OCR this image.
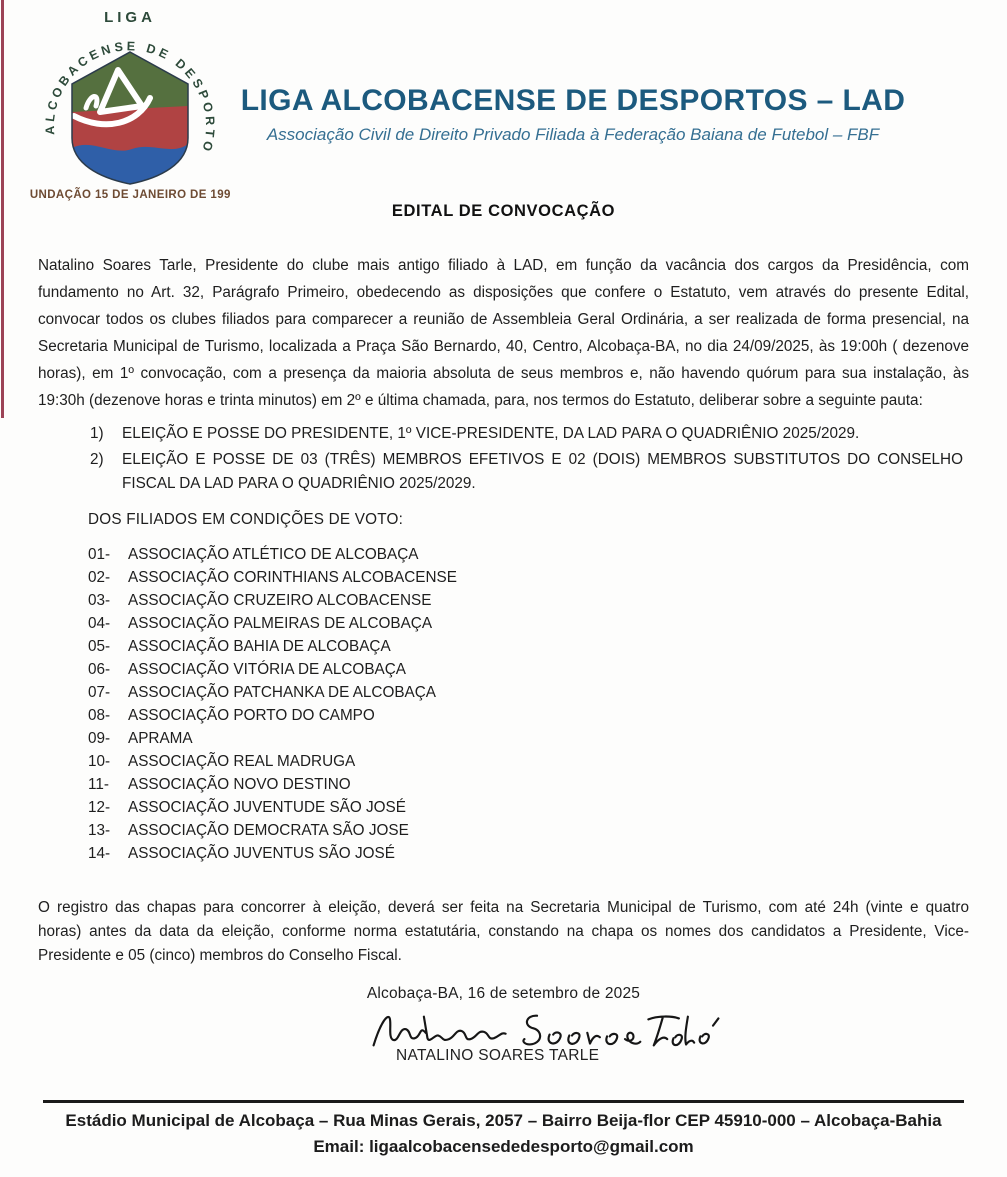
LIGA
ALCOBACENSE DE DESPORTO
FUNDAÇÃO 15 DE JANEIRO DE 1997
LIGA ALCOBACENSE DE DESPORTOS – LAD
Associação Civil de Direito Privado Filiada à Federação Baiana de Futebol – FBF
EDITAL DE CONVOCAÇÃO
Natalino Soares Tarle, Presidente do clube mais antigo filiado à LAD, em função da vacância dos cargos da Presidência, com
fundamento no Art. 32, Parágrafo Primeiro, obedecendo as disposições que confere o Estatuto, vem através do presente Edital,
convocar todos os clubes filiados para comparecer a reunião de Assembleia Geral Ordinária, a ser realizada de forma presencial, na
Secretaria Municipal de Turismo, localizada a Praça São Bernardo, 40, Centro, Alcobaça-BA, no dia 24/09/2025, às 19:00h ( dezenove
horas), em 1º convocação, com a presença da maioria absoluta de seus membros e, não havendo quórum para sua instalação, às
19:30h (dezenove horas e trinta minutos) em 2º e última chamada, para, nos termos do Estatuto, deliberar sobre a seguinte pauta:
1)	ELEIÇÃO E POSSE DO PRESIDENTE, 1º VICE-PRESIDENTE, DA LAD PARA O QUADRIÊNIO 2025/2029.
2)	ELEIÇÃO E POSSE DE 03 (TRÊS) MEMBROS EFETIVOS E 02 (DOIS) MEMBROS SUBSTITUTOS DO CONSELHO FISCAL DA LAD PARA O QUADRIÊNIO 2025/2029.
DOS FILIADOS EM CONDIÇÕES DE VOTO:
01-	ASSOCIAÇÃO ATLÉTICO DE ALCOBAÇA
02-	ASSOCIAÇÃO CORINTHIANS ALCOBACENSE
03-	ASSOCIAÇÃO CRUZEIRO ALCOBACENSE
04-	ASSOCIAÇÃO PALMEIRAS DE ALCOBAÇA
05-	ASSOCIAÇÃO BAHIA DE ALCOBAÇA
06-	ASSOCIAÇÃO VITÓRIA DE ALCOBAÇA
07-	ASSOCIAÇÃO PATCHANKA DE ALCOBAÇA
08-	ASSOCIAÇÃO PORTO DO CAMPO
09-	APRAMA
10-	ASSOCIAÇÃO REAL MADRUGA
11-	ASSOCIAÇÃO NOVO DESTINO
12-	ASSOCIAÇÃO JUVENTUDE SÃO JOSÉ
13-	ASSOCIAÇÃO DEMOCRATA SÃO JOSE
14-	ASSOCIAÇÃO JUVENTUS SÃO JOSÉ
O registro das chapas para concorrer à eleição, deverá ser feita na Secretaria Municipal de Turismo, com até 24h (vinte e quatro
horas) antes da data da eleição, conforme norma estatutária, constando na chapa os nomes dos candidatos a Presidente, Vice-
Presidente e 05 (cinco) membros do Conselho Fiscal.
Alcobaça-BA, 16 de setembro de 2025
NATALINO SOARES TARLE
Estádio Municipal de Alcobaça – Rua Minas Gerais, 2057 – Bairro Beija-flor CEP 45910-000 – Alcobaça-Bahia
Email: ligaalcobacensededesporto@gmail.com
